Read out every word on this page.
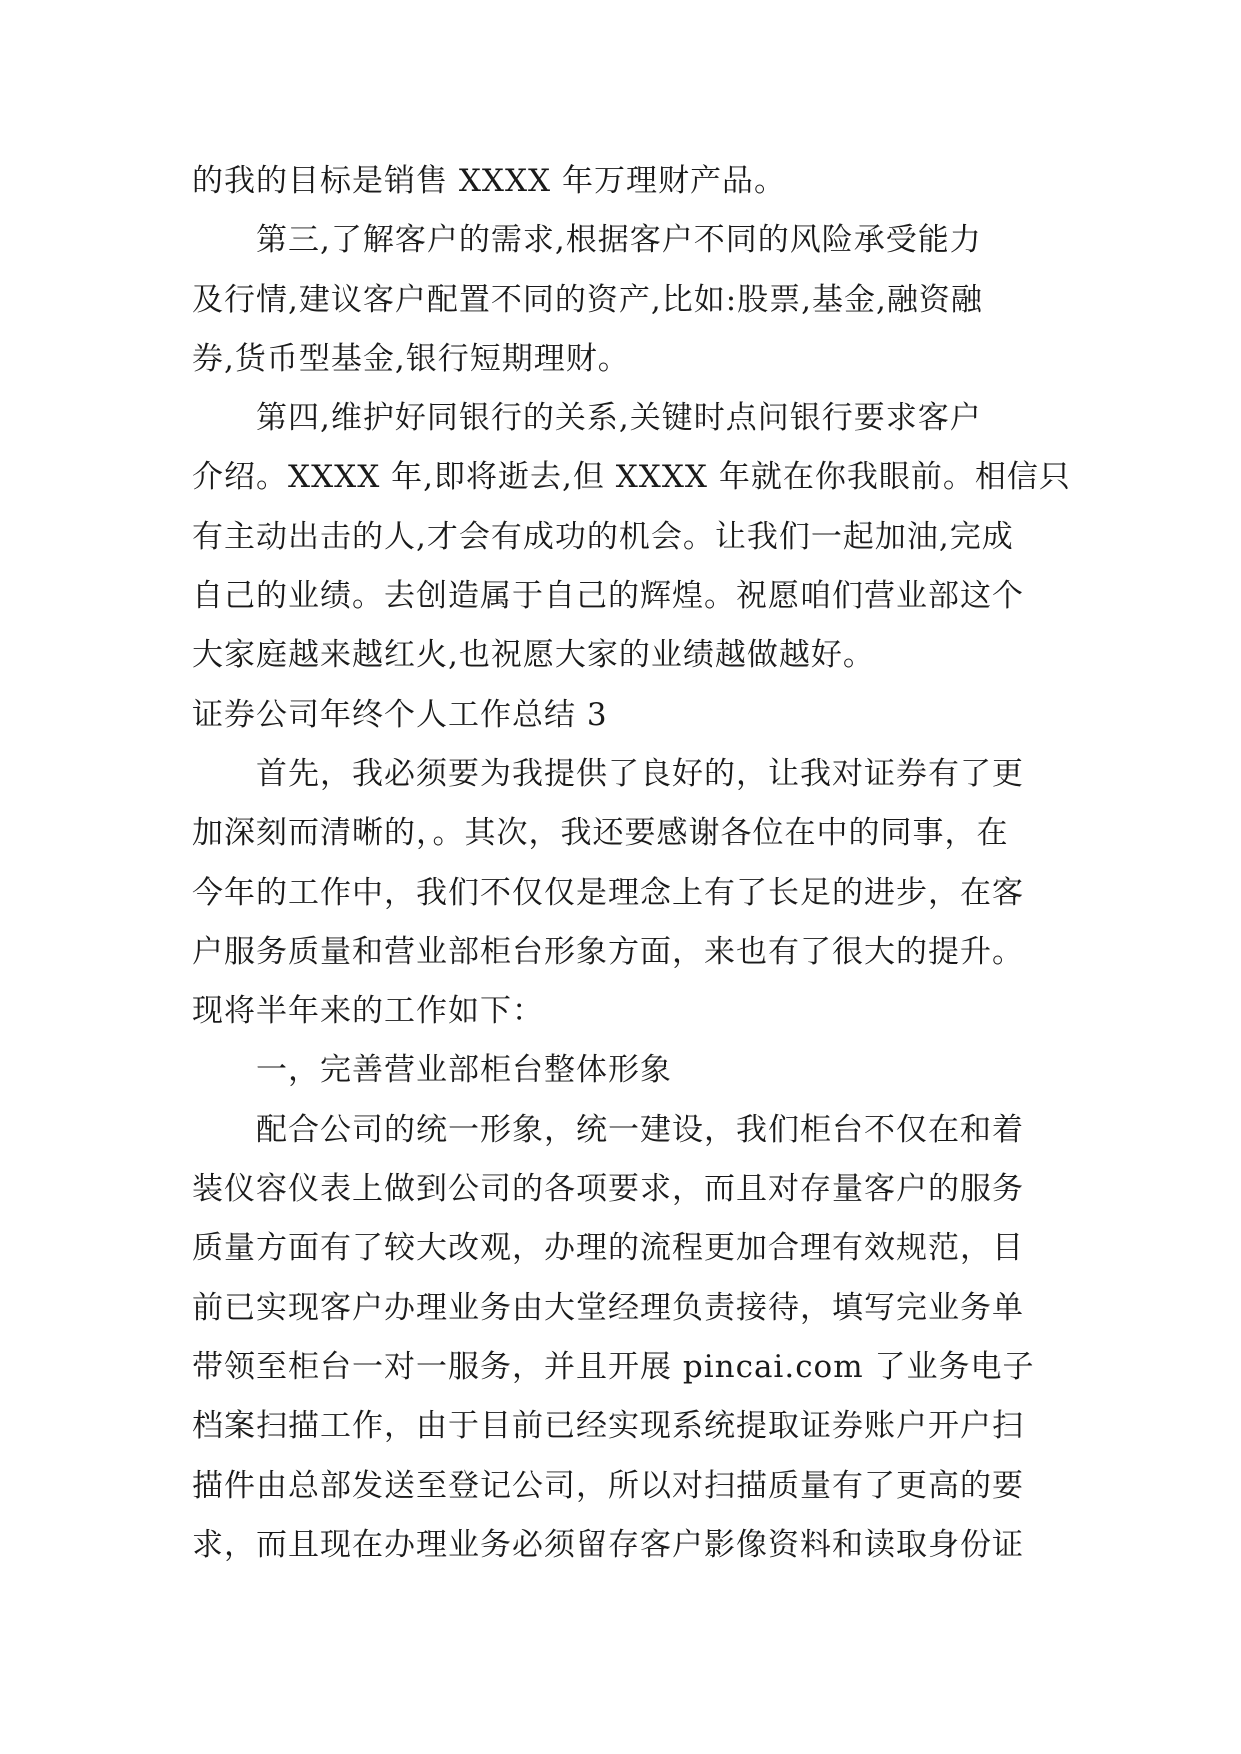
的我的目标是销售 XXXX 年万理财产品。
第三,了解客户的需求,根据客户不同的风险承受能力
及行情,建议客户配置不同的资产,比如:股票,基金,融资融
券,货币型基金,银行短期理财。
第四,维护好同银行的关系,关键时点问银行要求客户
介绍。XXXX 年,即将逝去,但 XXXX 年就在你我眼前。相信只
有主动出击的人,才会有成功的机会。让我们一起加油,完成
自己的业绩。去创造属于自己的辉煌。祝愿咱们营业部这个
大家庭越来越红火,也祝愿大家的业绩越做越好。
证券公司年终个人工作总结 3
首先，我必须要为我提供了良好的，让我对证券有了更
加深刻而清晰的，。其次，我还要感谢各位在中的同事，在
今年的工作中，我们不仅仅是理念上有了长足的进步，在客
户服务质量和营业部柜台形象方面，来也有了很大的提升。
现将半年来的工作如下：
一，完善营业部柜台整体形象
配合公司的统一形象，统一建设，我们柜台不仅在和着
装仪容仪表上做到公司的各项要求，而且对存量客户的服务
质量方面有了较大改观，办理的流程更加合理有效规范，目
前已实现客户办理业务由大堂经理负责接待，填写完业务单
带领至柜台一对一服务，并且开展 pincai.com 了业务电子
档案扫描工作，由于目前已经实现系统提取证券账户开户扫
描件由总部发送至登记公司，所以对扫描质量有了更高的要
求，而且现在办理业务必须留存客户影像资料和读取身份证
